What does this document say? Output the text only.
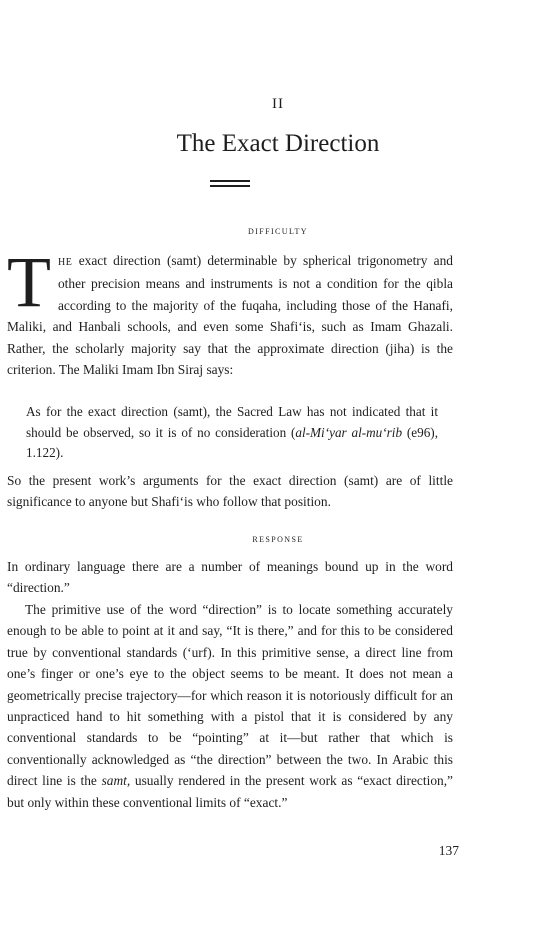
II
The Exact Direction
difficulty

THE exact direction (samt) determinable by spherical trigonometry and other precision means and instruments is not a condition for the qibla according to the majority of the fuqaha, including those of the Hanafi, Maliki, and Hanbali schools, and even some Shafi‘is, such as Imam Ghazali. Rather, the scholarly majority say that the approximate direction (jiha) is the criterion. The Maliki Imam Ibn Siraj says:

As for the exact direction (samt), the Sacred Law has not indicated that it should be observed, so it is of no consideration (al-Mi‘yar al-mu‘rib (e96), 1.122).

So the present work’s arguments for the exact direction (samt) are of little significance to anyone but Shafi‘is who follow that position.

response

In ordinary language there are a number of meanings bound up in the word “direction.”

The primitive use of the word “direction” is to locate something accurately enough to be able to point at it and say, “It is there,” and for this to be considered true by conventional standards (‘urf). In this primitive sense, a direct line from one’s finger or one’s eye to the object seems to be meant. It does not mean a geometrically precise trajectory—for which reason it is notoriously difficult for an unpracticed hand to hit something with a pistol that it is considered by any conventional standards to be “pointing” at it—but rather that which is conventionally acknowledged as “the direction” between the two. In Arabic this direct line is the samt, usually rendered in the present work as “exact direction,” but only within these conventional limits of “exact.”

137
